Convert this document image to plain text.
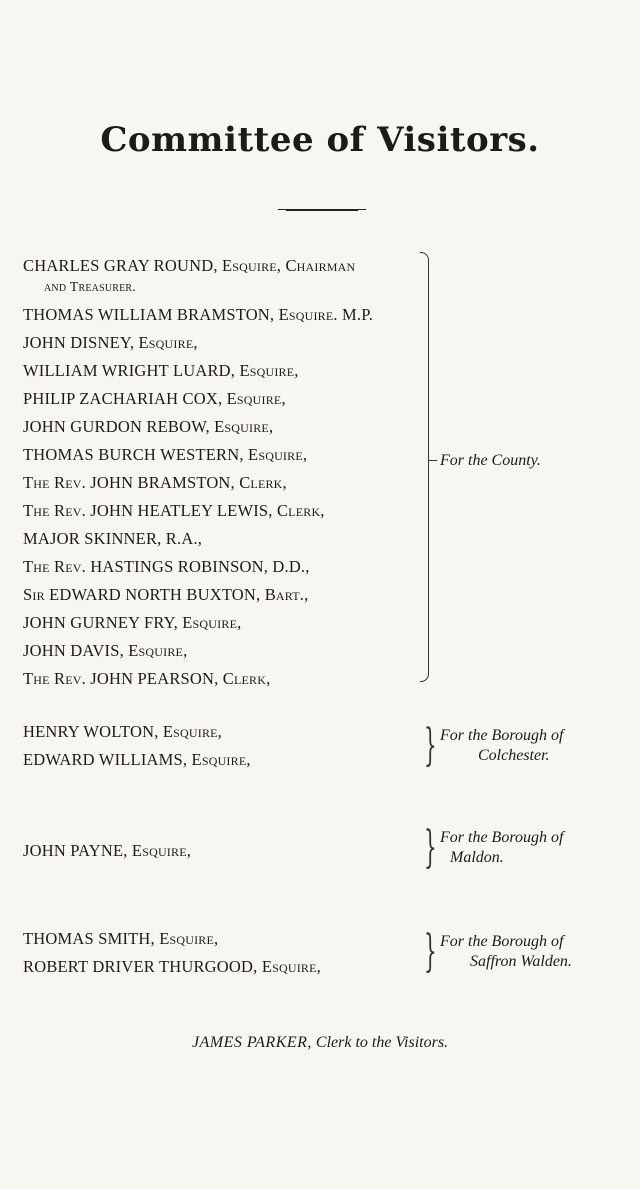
Committee of Visitors.
CHARLES GRAY ROUND, Esquire, Chairman
and Treasurer.
THOMAS WILLIAM BRAMSTON, Esquire. M.P.
JOHN DISNEY, Esquire,
WILLIAM WRIGHT LUARD, Esquire,
PHILIP ZACHARIAH COX, Esquire,
JOHN GURDON REBOW, Esquire,
THOMAS BURCH WESTERN, Esquire,
The Rev. JOHN BRAMSTON, Clerk,
The Rev. JOHN HEATLEY LEWIS, Clerk,
MAJOR SKINNER, R.A.,
The Rev. HASTINGS ROBINSON, D.D.,
Sir EDWARD NORTH BUXTON, Bart.,
JOHN GURNEY FRY, Esquire,
JOHN DAVIS, Esquire,
The Rev. JOHN PEARSON, Clerk,
For the County.
HENRY WOLTON, Esquire,
EDWARD WILLIAMS, Esquire,	} For the Borough of
Colchester.
JOHN PAYNE, Esquire,	} For the Borough of
Maldon.
THOMAS SMITH, Esquire,
ROBERT DRIVER THURGOOD, Esquire, } For the Borough of
Saffron Walden.
JAMES PARKER, Clerk to the Visitors.
